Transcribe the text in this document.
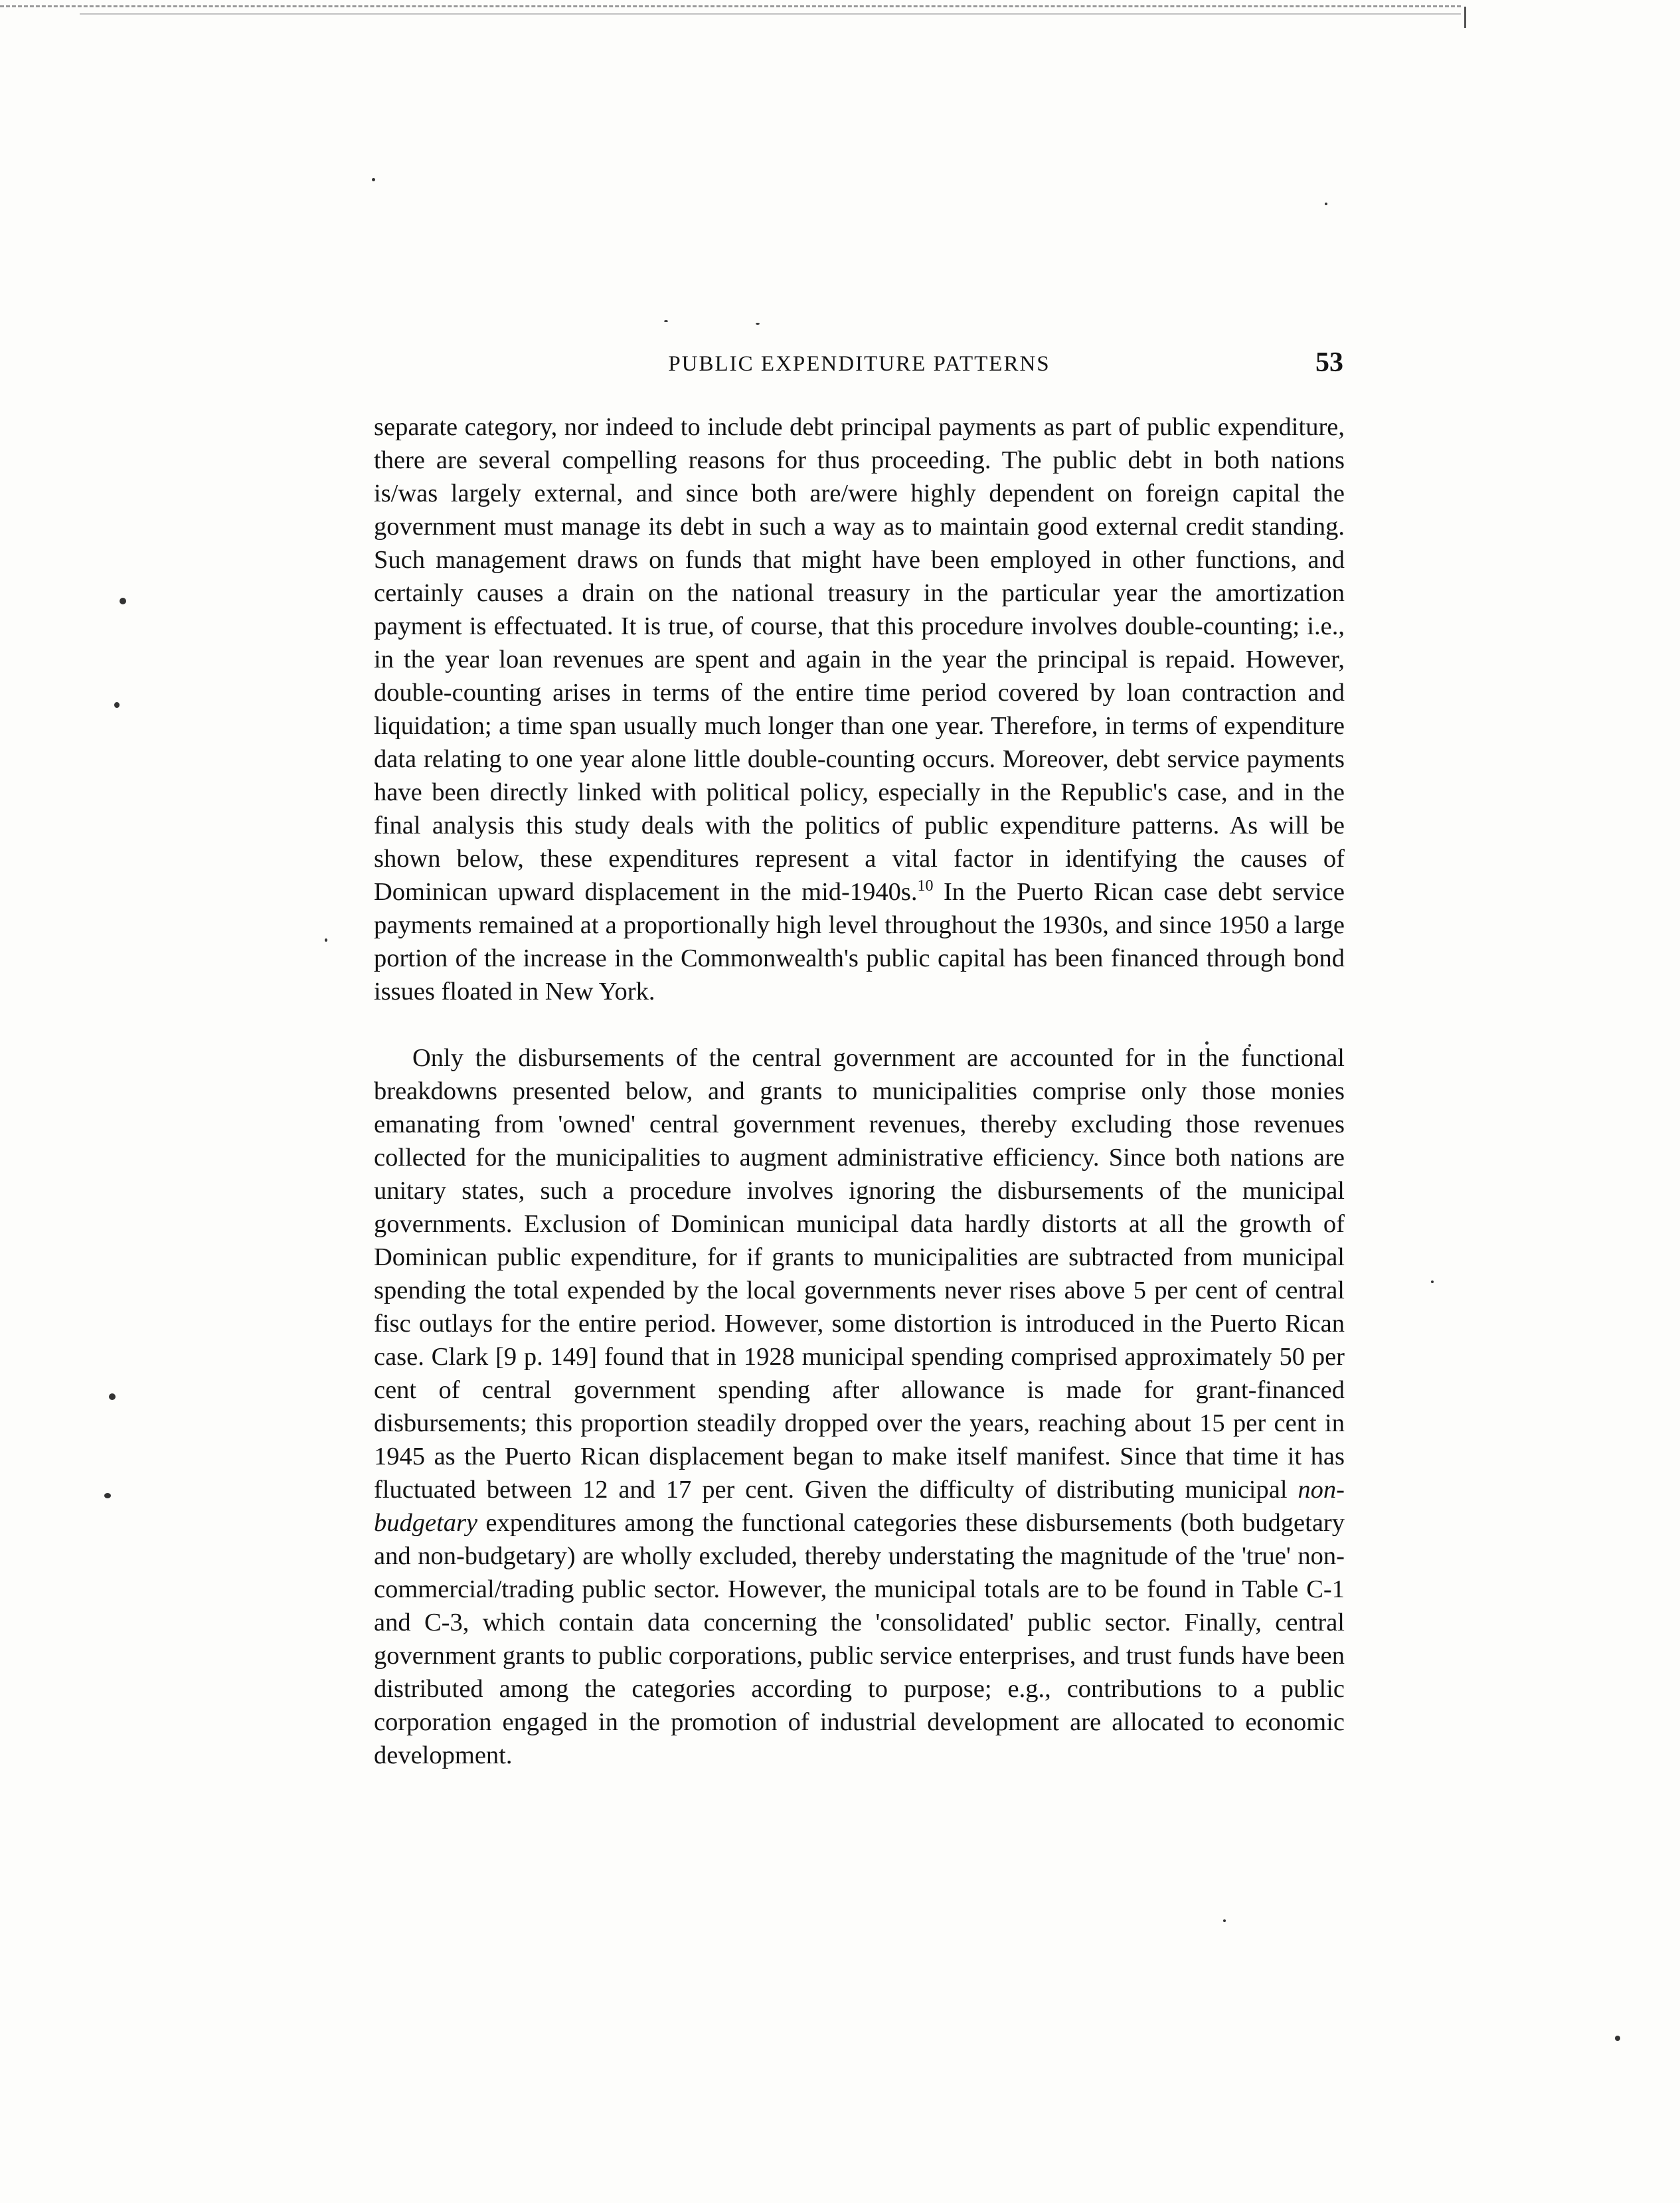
PUBLIC EXPENDITURE PATTERNS	53

separate category, nor indeed to include debt principal payments as part of public expenditure, there are several compelling reasons for thus proceeding. The public debt in both nations is/was largely external, and since both are/were highly dependent on foreign capital the government must manage its debt in such a way as to maintain good external credit standing. Such management draws on funds that might have been employed in other functions, and certainly causes a drain on the national treasury in the particular year the amortization payment is effectuated. It is true, of course, that this procedure involves double-counting; i.e., in the year loan revenues are spent and again in the year the principal is repaid. However, double-counting arises in terms of the entire time period covered by loan contraction and liquidation; a time span usually much longer than one year. Therefore, in terms of expenditure data relating to one year alone little double-counting occurs. Moreover, debt service payments have been directly linked with political policy, especially in the Republic's case, and in the final analysis this study deals with the politics of public expenditure patterns. As will be shown below, these expenditures represent a vital factor in identifying the causes of Dominican upward displacement in the mid-1940s.$^{10}$ In the Puerto Rican case debt service payments remained at a proportionally high level throughout the 1930s, and since 1950 a large portion of the increase in the Commonwealth's public capital has been financed through bond issues floated in New York.

Only the disbursements of the central government are accounted for in the functional breakdowns presented below, and grants to municipalities comprise only those monies emanating from 'owned' central government revenues, thereby excluding those revenues collected for the municipalities to augment administrative efficiency. Since both nations are unitary states, such a procedure involves ignoring the disbursements of the municipal governments. Exclusion of Dominican municipal data hardly distorts at all the growth of Dominican public expenditure, for if grants to municipalities are subtracted from municipal spending the total expended by the local governments never rises above 5 per cent of central fisc outlays for the entire period. However, some distortion is introduced in the Puerto Rican case. Clark [9 p. 149] found that in 1928 municipal spending comprised approximately 50 per cent of central government spending after allowance is made for grant-financed disbursements; this proportion steadily dropped over the years, reaching about 15 per cent in 1945 as the Puerto Rican displacement began to make itself manifest. Since that time it has fluctuated between 12 and 17 per cent. Given the difficulty of distributing municipal non-budgetary expenditures among the functional categories these disbursements (both budgetary and non-budgetary) are wholly excluded, thereby understating the magnitude of the 'true' non-commercial/trading public sector. However, the municipal totals are to be found in Table C-1 and C-3, which contain data concerning the 'consolidated' public sector. Finally, central government grants to public corporations, public service enterprises, and trust funds have been distributed among the categories according to purpose; e.g., contributions to a public corporation engaged in the promotion of industrial development are allocated to economic development.
